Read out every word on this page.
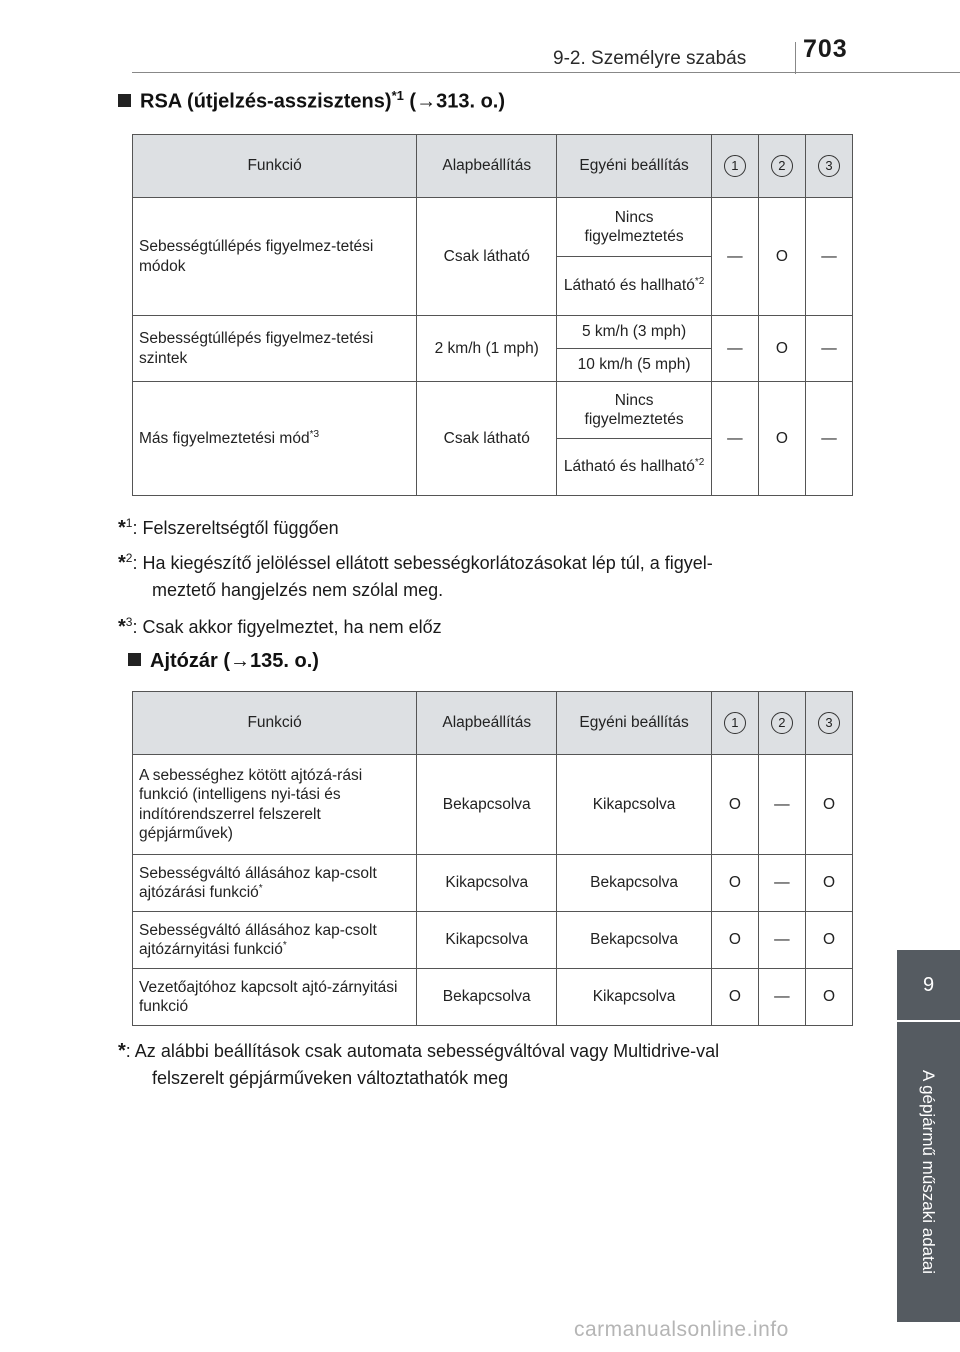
9-2. Személyre szabás 703
9
A gépjármű műszaki adatai
RSA (útjelzés-asszisztens)$^{*1}$ (→313. o.)
Funkció	Alapbeállítás	Egyéni beállítás	1	2	3
Sebességtúllépés figyelmez-tetési módok	Csak látható	Nincs figyelmeztetés	—	O	—
		Látható és hallható$^{*2}$
Sebességtúllépés figyelmez-tetési szintek	2 km/h (1 mph)	5 km/h (3 mph)	—	O	—
		10 km/h (5 mph)			
Más figyelmeztetési mód$^{*3}$	Csak látható	Nincs figyelmeztetés	—	O	—
		Látható és hallható$^{*2}$

*$^1$: Felszereltségtől függően

*$^2$: Ha kiegészítő jelöléssel ellátott sebességkorlátozásokat lép túl, a figyel-

meztető hangjelzés nem szólal meg.

*$^3$: Csak akkor figyelmeztet, ha nem előz

Ajtózár (→135. o.)
Funkció	Alapbeállítás	Egyéni beállítás	1	2	3
A sebességhez kötött ajtózá-rási funkció (intelligens nyi-tási és indítórendszerrel felszerelt gépjárművek)	Bekapcsolva	Kikapcsolva	O	—	O
Sebességváltó állásához kap-csolt ajtózárási funkció*	Kikapcsolva	Bekapcsolva	O	—	O
Sebességváltó állásához kap-csolt ajtózárnyitási funkció*	Kikapcsolva	Bekapcsolva	O	—	O
Vezetőajtóhoz kapcsolt ajtó-zárnyitási funkció	Bekapcsolva	Kikapcsolva	O	—	O

*: Az alábbi beállítások csak automata sebességváltóval vagy Multidrive-val

felszerelt gépjárműveken változtathatók meg

carmanualsonline.info
